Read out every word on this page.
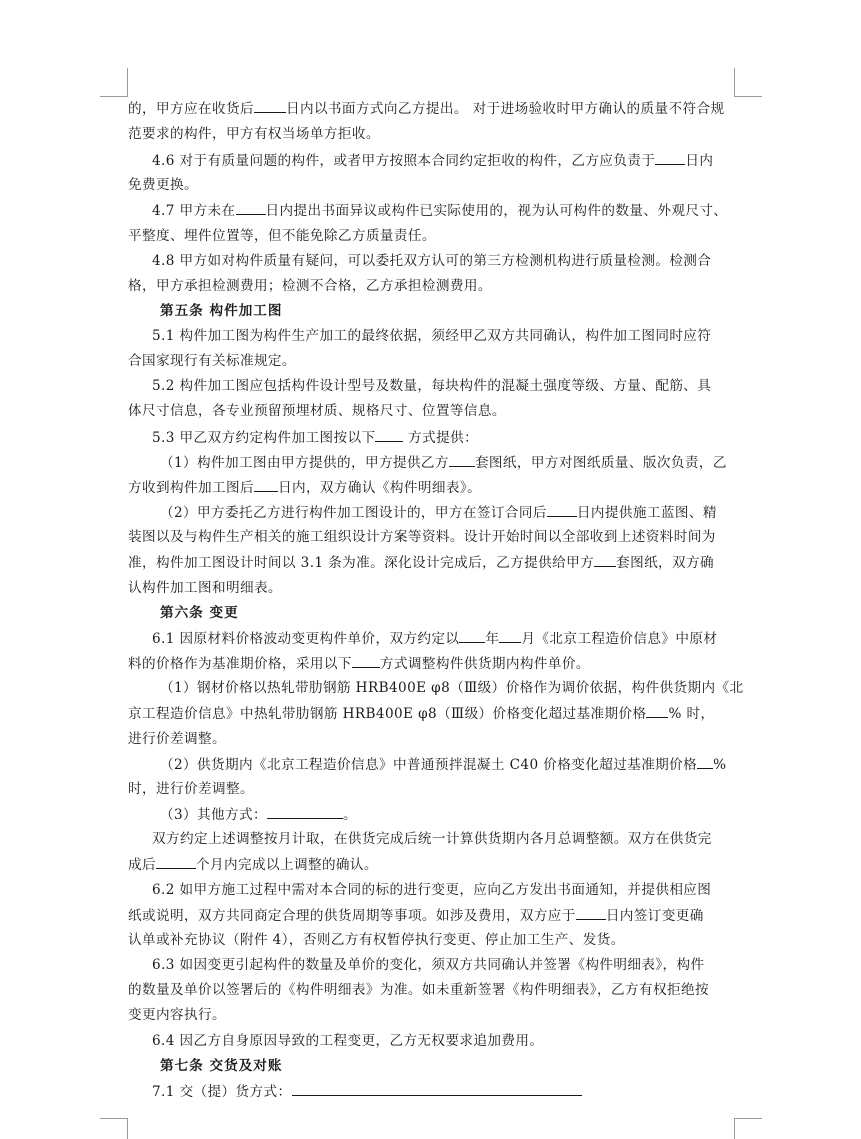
的，甲方应在收货后 日内以书面方式向乙方提出。 对于进场验收时甲方确认的质量不符合规
范要求的构件，甲方有权当场单方拒收。
4.6 对于有质量问题的构件，或者甲方按照本合同约定拒收的构件，乙方应负责于 日内
免费更换。
4.7 甲方未在 日内提出书面异议或构件已实际使用的，视为认可构件的数量、外观尺寸、
平整度、埋件位置等，但不能免除乙方质量责任。
4.8 甲方如对构件质量有疑问，可以委托双方认可的第三方检测机构进行质量检测。检测合
格，甲方承担检测费用；检测不合格，乙方承担检测费用。
第五条 构件加工图
5.1 构件加工图为构件生产加工的最终依据，须经甲乙双方共同确认，构件加工图同时应符
合国家现行有关标准规定。
5.2 构件加工图应包括构件设计型号及数量，每块构件的混凝土强度等级、方量、配筋、具
体尺寸信息，各专业预留预埋材质、规格尺寸、位置等信息。
5.3 甲乙双方约定构件加工图按以下 方式提供：
（1）构件加工图由甲方提供的，甲方提供乙方 套图纸，甲方对图纸质量、版次负责，乙
方收到构件加工图后 日内，双方确认《构件明细表》。
（2）甲方委托乙方进行构件加工图设计的，甲方在签订合同后 日内提供施工蓝图、精
装图以及与构件生产相关的施工组织设计方案等资料。设计开始时间以全部收到上述资料时间为
准，构件加工图设计时间以 3.1 条为准。深化设计完成后，乙方提供给甲方 套图纸，双方确
认构件加工图和明细表。
第六条 变更
6.1 因原材料价格波动变更构件单价，双方约定以 年 月《北京工程造价信息》中原材
料的价格作为基准期价格，采用以下 方式调整构件供货期内构件单价。
（1）钢材价格以热轧带肋钢筋 HRB400E φ8（Ⅲ级）价格作为调价依据，构件供货期内《北
京工程造价信息》中热轧带肋钢筋 HRB400E φ8（Ⅲ级）价格变化超过基准期价格 % 时，
进行价差调整。
（2）供货期内《北京工程造价信息》中普通预拌混凝土 C40 价格变化超过基准期价格 %
时，进行价差调整。
（3）其他方式：	。
双方约定上述调整按月计取，在供货完成后统一计算供货期内各月总调整额。双方在供货完
成后	个月内完成以上调整的确认。
6.2 如甲方施工过程中需对本合同的标的进行变更，应向乙方发出书面通知，并提供相应图
纸或说明，双方共同商定合理的供货周期等事项。如涉及费用，双方应于 日内签订变更确
认单或补充协议（附件 4），否则乙方有权暂停执行变更、停止加工生产、发货。
6.3 如因变更引起构件的数量及单价的变化，须双方共同确认并签署《构件明细表》，构件
的数量及单价以签署后的《构件明细表》为准。如未重新签署《构件明细表》，乙方有权拒绝按
变更内容执行。
6.4 因乙方自身原因导致的工程变更，乙方无权要求追加费用。
第七条 交货及对账
7.1 交（提）货方式：
